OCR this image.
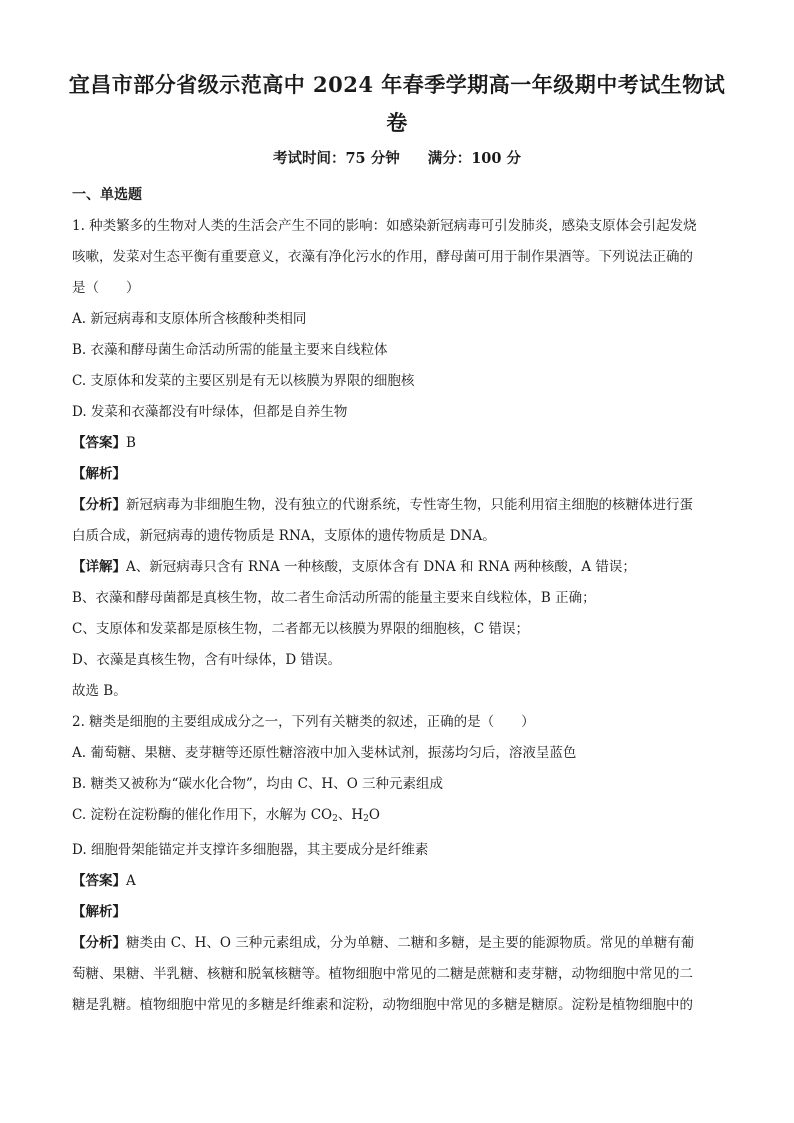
宜昌市部分省级示范高中 2024 年春季学期高一年级期中考试生物试
卷
考试时间：75 分钟 满分：100 分

一、单选题

1. 种类繁多的生物对人类的生活会产生不同的影响：如感染新冠病毒可引发肺炎，感染支原体会引起发烧

咳嗽，发菜对生态平衡有重要意义，衣藻有净化污水的作用，酵母菌可用于制作果酒等。下列说法正确的

是（　　）

A. 新冠病毒和支原体所含核酸种类相同

B. 衣藻和酵母菌生命活动所需的能量主要来自线粒体

C. 支原体和发菜的主要区别是有无以核膜为界限的细胞核

D. 发菜和衣藻都没有叶绿体，但都是自养生物

【答案】B

【解析】

【分析】新冠病毒为非细胞生物，没有独立的代谢系统，专性寄生物，只能利用宿主细胞的核糖体进行蛋

白质合成，新冠病毒的遗传物质是 RNA，支原体的遗传物质是 DNA。

【详解】A、新冠病毒只含有 RNA 一种核酸，支原体含有 DNA 和 RNA 两种核酸，A 错误；

B、衣藻和酵母菌都是真核生物，故二者生命活动所需的能量主要来自线粒体，B 正确；

C、支原体和发菜都是原核生物，二者都无以核膜为界限的细胞核，C 错误；

D、衣藻是真核生物，含有叶绿体，D 错误。

故选 B。

2. 糖类是细胞的主要组成成分之一，下列有关糖类的叙述，正确的是（　　）

A. 葡萄糖、果糖、麦芽糖等还原性糖溶液中加入斐林试剂，振荡均匀后，溶液呈蓝色

B. 糖类又被称为“碳水化合物”，均由 C、H、O 三种元素组成

C. 淀粉在淀粉酶的催化作用下，水解为 $CO_2$、$H_2O$

D. 细胞骨架能锚定并支撑许多细胞器，其主要成分是纤维素

【答案】A

【解析】

【分析】糖类由 C、H、O 三种元素组成，分为单糖、二糖和多糖，是主要的能源物质。常见的单糖有葡

萄糖、果糖、半乳糖、核糖和脱氧核糖等。植物细胞中常见的二糖是蔗糖和麦芽糖，动物细胞中常见的二

糖是乳糖。植物细胞中常见的多糖是纤维素和淀粉，动物细胞中常见的多糖是糖原。淀粉是植物细胞中的
